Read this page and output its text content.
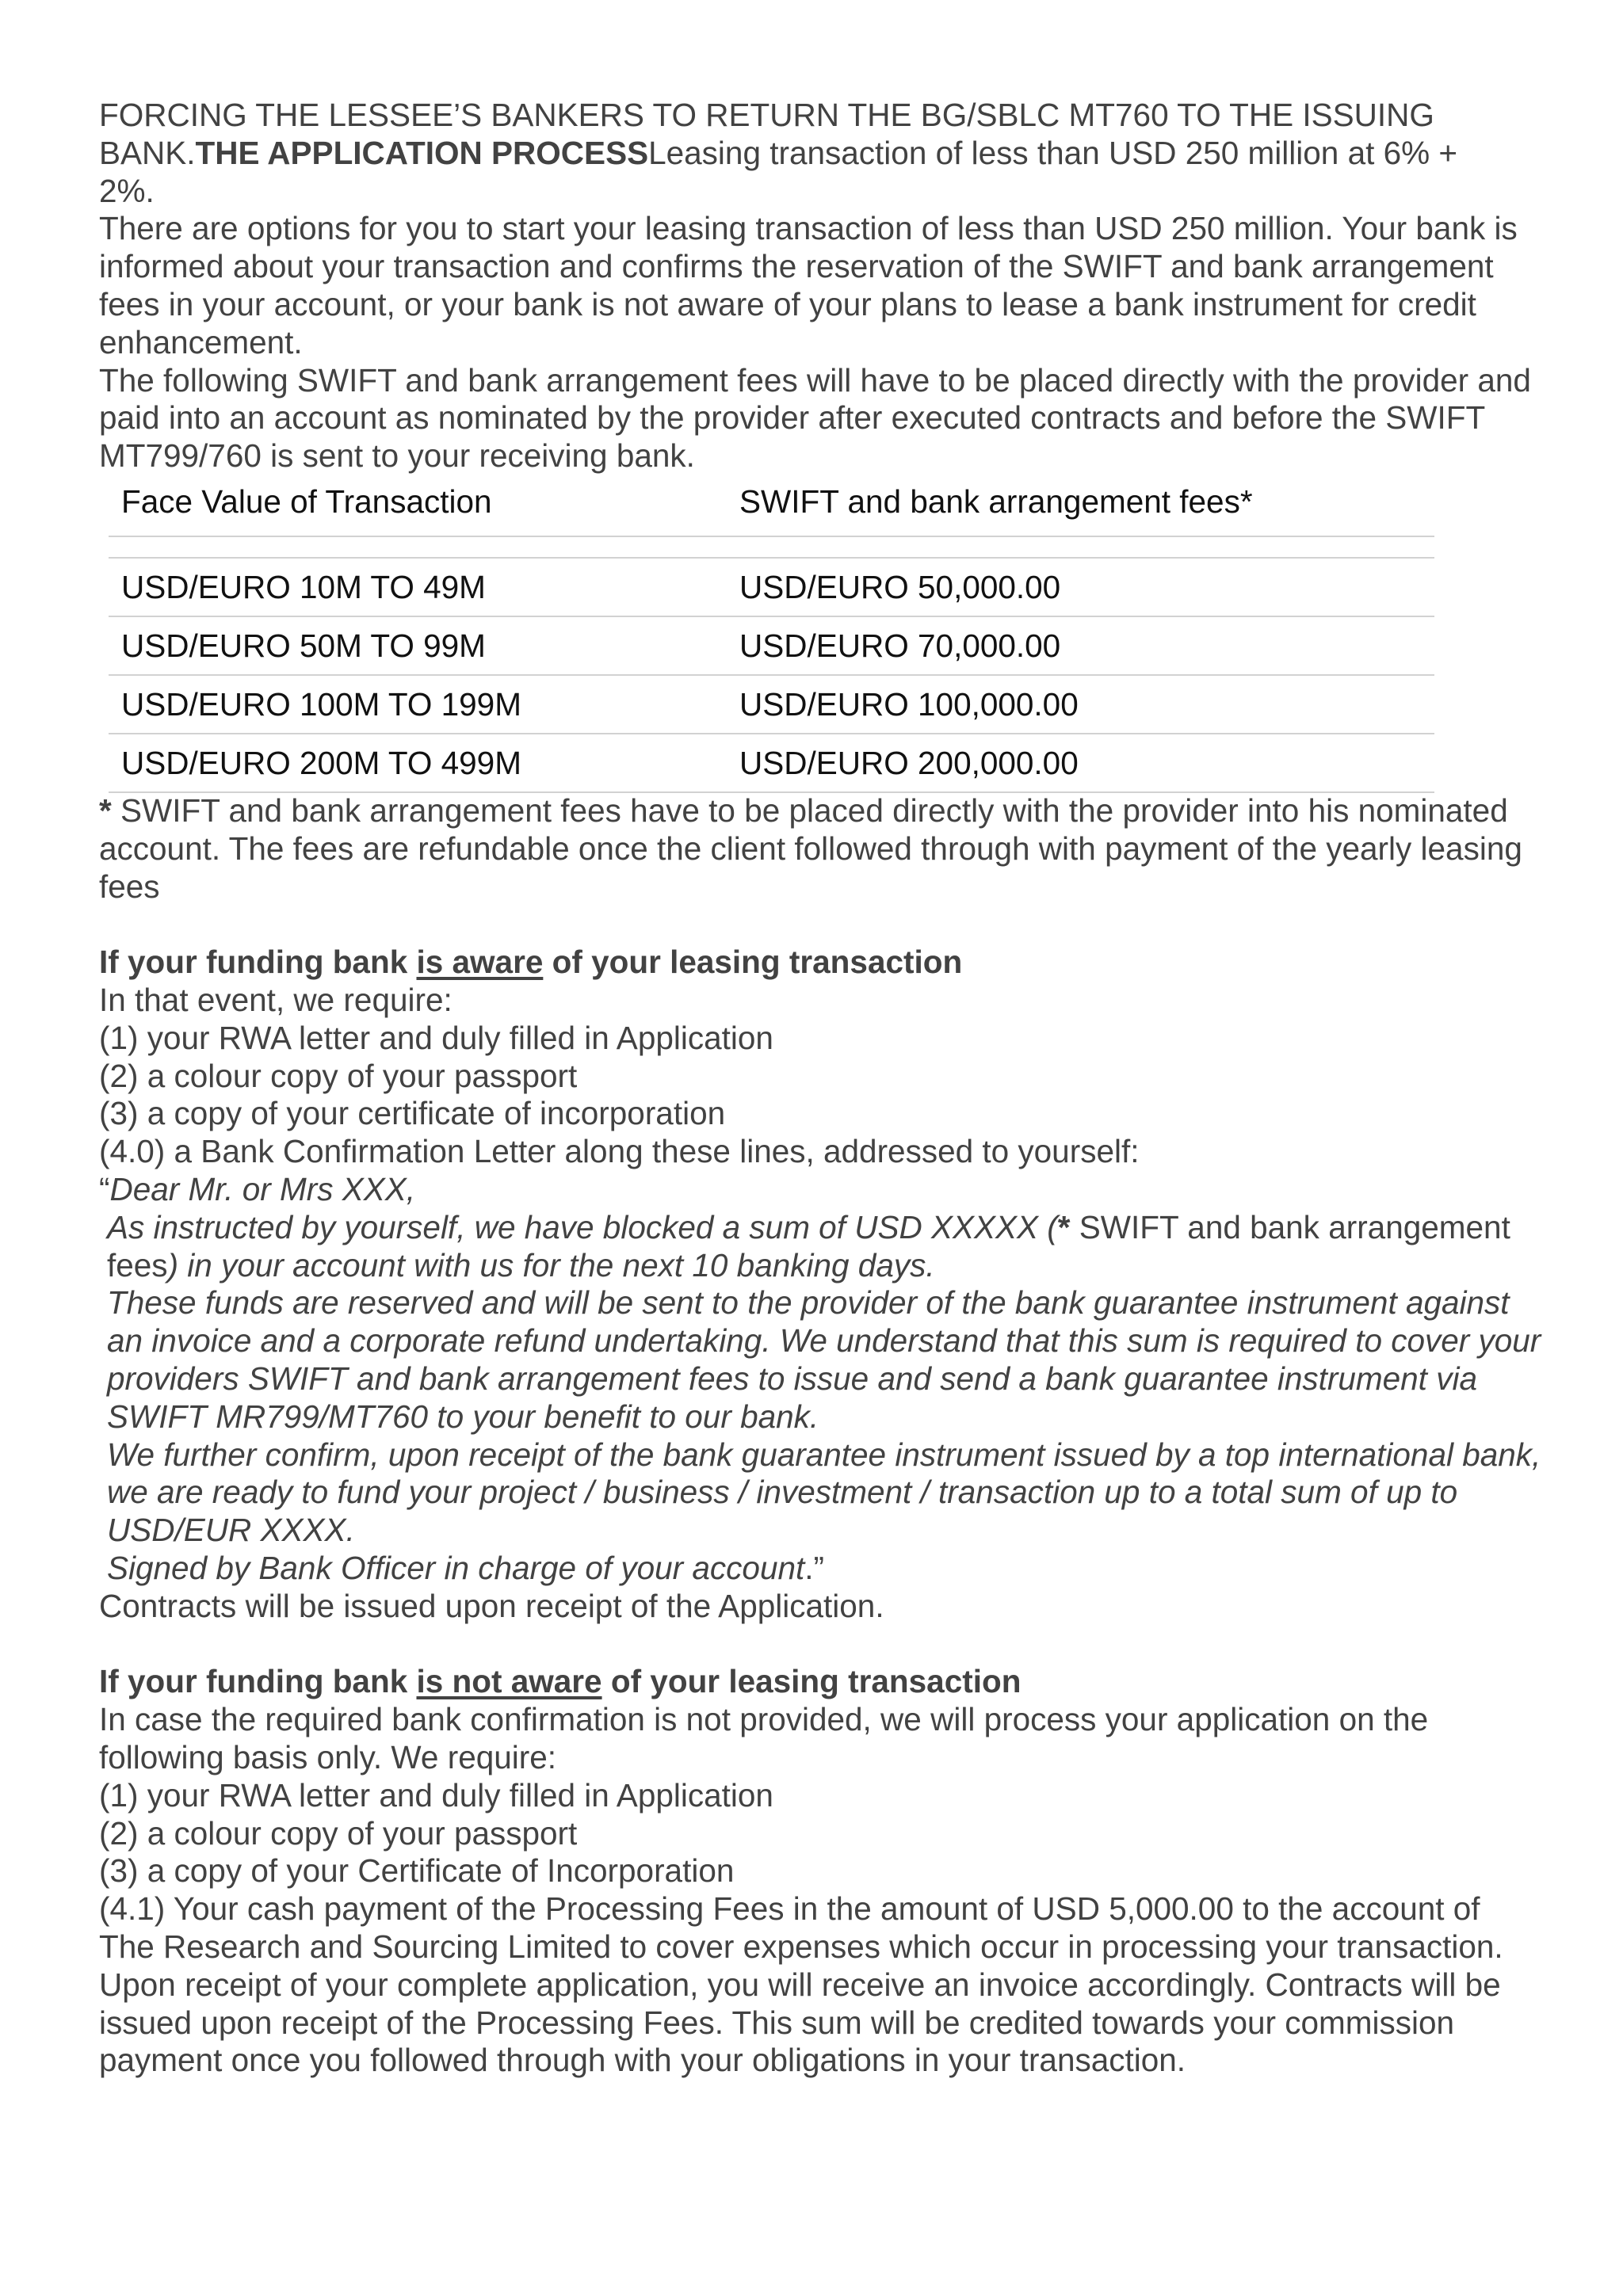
FORCING THE LESSEE’S BANKERS TO RETURN THE BG/SBLC MT760 TO THE ISSUING

BANK.THE APPLICATION PROCESSLeasing transaction of less than USD 250 million at 6% +

2%.

There are options for you to start your leasing transaction of less than USD 250 million. Your bank is informed about your transaction and confirms the reservation of the SWIFT and bank arrangement fees in your account, or your bank is not aware of your plans to lease a bank instrument for credit enhancement.

The following SWIFT and bank arrangement fees will have to be placed directly with the provider and paid into an account as nominated by the provider after executed contracts and before the SWIFT MT799/760 is sent to your receiving bank.

Face Value of Transaction	SWIFT and bank arrangement fees*
USD/EURO 10M TO 49M	USD/EURO 50,000.00
USD/EURO 50M TO 99M	USD/EURO 70,000.00
USD/EURO 100M TO 199M	USD/EURO 100,000.00
USD/EURO 200M TO 499M	USD/EURO 200,000.00

* SWIFT and bank arrangement fees have to be placed directly with the provider into his nominated account. The fees are refundable once the client followed through with payment of the yearly leasing fees

If your funding bank is aware of your leasing transaction

In that event, we require:

(1) your RWA letter and duly filled in Application

(2) a colour copy of your passport

(3) a copy of your certificate of incorporation

(4.0) a Bank Confirmation Letter along these lines, addressed to yourself:

“Dear Mr. or Mrs XXX,

As instructed by yourself, we have blocked a sum of USD XXXXX (* SWIFT and bank arrangement fees) in your account with us for the next 10 banking days.

These funds are reserved and will be sent to the provider of the bank guarantee instrument against an invoice and a corporate refund undertaking. We understand that this sum is required to cover your providers SWIFT and bank arrangement fees to issue and send a bank guarantee instrument via SWIFT MR799/MT760 to your benefit to our bank.

We further confirm, upon receipt of the bank guarantee instrument issued by a top international bank, we are ready to fund your project / business / investment / transaction up to a total sum of up to USD/EUR XXXX.

Signed by Bank Officer in charge of your account.”

Contracts will be issued upon receipt of the Application.

If your funding bank is not aware of your leasing transaction

In case the required bank confirmation is not provided, we will process your application on the following basis only. We require:

(1) your RWA letter and duly filled in Application

(2) a colour copy of your passport

(3) a copy of your Certificate of Incorporation

(4.1) Your cash payment of the Processing Fees in the amount of USD 5,000.00 to the account of The Research and Sourcing Limited to cover expenses which occur in processing your transaction. Upon receipt of your complete application, you will receive an invoice accordingly. Contracts will be issued upon receipt of the Processing Fees. This sum will be credited towards your commission payment once you followed through with your obligations in your transaction.
